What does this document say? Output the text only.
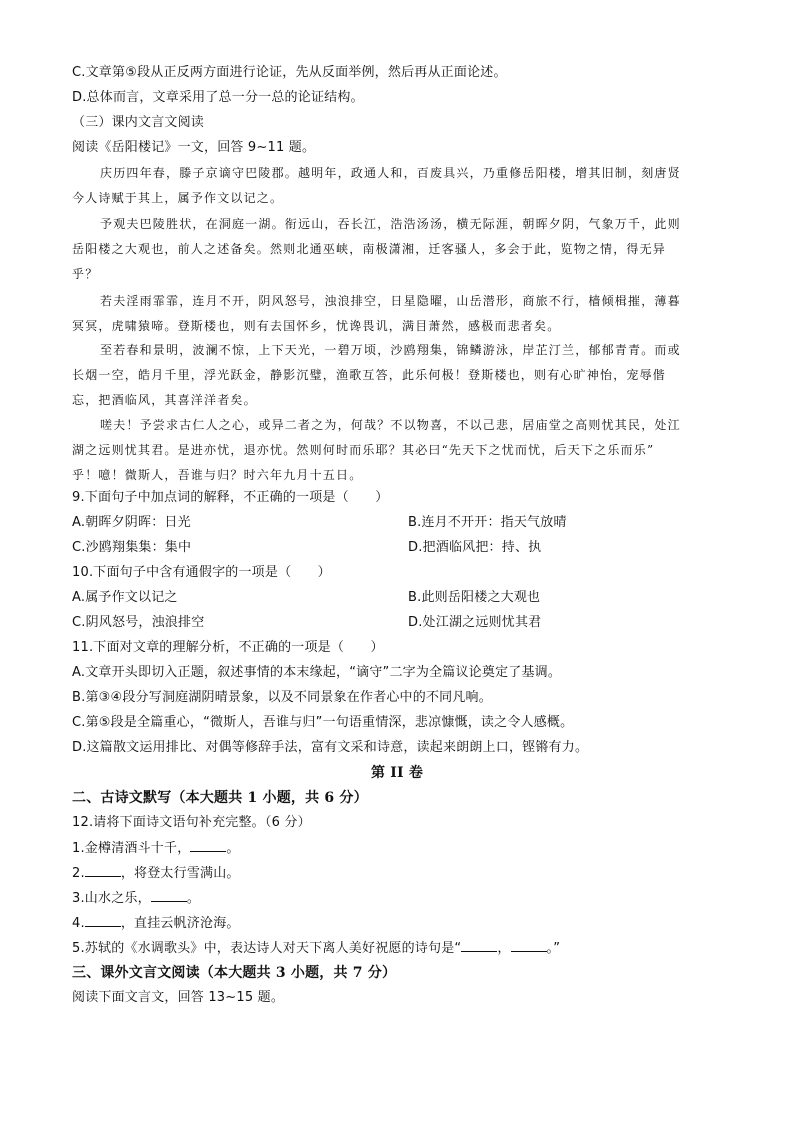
C.文章第⑤段从正反两方面进行论证，先从反面举例，然后再从正面论述。
D.总体而言，文章采用了总一分一总的论证结构。
（三）课内文言文阅读
阅读《岳阳楼记》一文，回答 9~11 题。
庆历四年春，滕子京谪守巴陵郡。越明年，政通人和，百废具兴，乃重修岳阳楼，增其旧制，刻唐贤
今人诗赋于其上，属予作文以记之。
予观夫巴陵胜状，在洞庭一湖。衔远山，吞长江，浩浩汤汤，横无际涯，朝晖夕阴，气象万千，此则
岳阳楼之大观也，前人之述备矣。然则北通巫峡，南极潇湘，迁客骚人，多会于此，览物之情，得无异
乎？
若夫淫雨霏霏，连月不开，阴风怒号，浊浪排空，日星隐曜，山岳潜形，商旅不行，樯倾楫摧，薄暮
冥冥，虎啸猿啼。登斯楼也，则有去国怀乡，忧谗畏讥，满目萧然，感极而悲者矣。
至若春和景明，波澜不惊，上下天光，一碧万顷，沙鸥翔集，锦鳞游泳，岸芷汀兰，郁郁青青。而或
长烟一空，皓月千里，浮光跃金，静影沉璧，渔歌互答，此乐何极！登斯楼也，则有心旷神怡，宠辱偕
忘，把酒临风，其喜洋洋者矣。
嗟夫！予尝求古仁人之心，或异二者之为，何哉？不以物喜，不以己悲，居庙堂之高则忧其民，处江
湖之远则忧其君。是进亦忧，退亦忧。然则何时而乐耶？其必曰“先天下之忧而忧，后天下之乐而乐”
乎！噫！微斯人，吾谁与归？时六年九月十五日。
9.下面句子中加点词的解释，不正确的一项是（　　）
A.朝晖夕阴晖：日光	B.连月不开开：指天气放晴
C.沙鸥翔集集：集中	D.把酒临风把：持、执
10.下面句子中含有通假字的一项是（　　）
A.属予作文以记之	B.此则岳阳楼之大观也
C.阴风怒号，浊浪排空	D.处江湖之远则忧其君
11.下面对文章的理解分析，不正确的一项是（　　）
A.文章开头即切入正题，叙述事情的本末缘起，“谪守”二字为全篇议论奠定了基调。
B.第③④段分写洞庭湖阴晴景象，以及不同景象在作者心中的不同凡响。
C.第⑤段是全篇重心，“微斯人，吾谁与归”一句语重情深，悲凉慷慨，读之令人感概。
D.这篇散文运用排比、对偶等修辞手法，富有文采和诗意，读起来朗朗上口，铿锵有力。
第 II 卷
二、古诗文默写（本大题共 1 小题，共 6 分）
12.请将下面诗文语句补充完整。（6 分）
1.金樽清酒斗十千，	。
2.	，将登太行雪满山。
3.山水之乐，	。
4.	，直挂云帆济沧海。
5.苏轼的《水调歌头》中，表达诗人对天下离人美好祝愿的诗句是“	，	。”
三、课外文言文阅读（本大题共 3 小题，共 7 分）
阅读下面文言文，回答 13~15 题。
